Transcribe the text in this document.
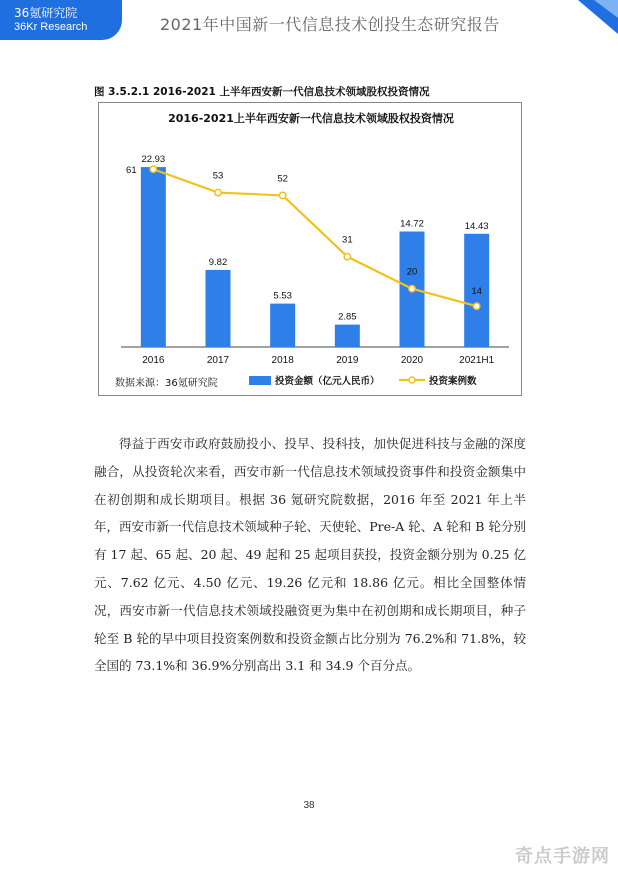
36氪研究院
36Kr Research	2021年中国新一代信息技术创投生态研究报告
图 3.5.2.1 2016-2021 上半年西安新一代信息技术领域股权投资情况
2016-2021上半年西安新一代信息技术领域股权投资情况
22.93
2016
9.82
2017
5.53
2018
2.85
2019
14.72
2020
14.43
2021H1
61	53	52
31
20
14
数据来源：36氪研究院	投资金额（亿元人民币）	投资案例数

得益于西安市政府鼓励投小、投早、投科技，加快促进科技与金融的深度融合，从投资轮次来看，西安市新一代信息技术领域投资事件和投资金额集中在初创期和成长期项目。根据 36 氪研究院数据，2016 年至 2021 年上半年，西安市新一代信息技术领域种子轮、天使轮、Pre-A 轮、A 轮和 B 轮分别有 17 起、65 起、20 起、49 起和 25 起项目获投，投资金额分别为 0.25 亿元、7.62 亿元、4.50 亿元、19.26 亿元和 18.86 亿元。相比全国整体情况，西安市新一代信息技术领域投融资更为集中在初创期和成长期项目，种子轮至 B 轮的早中项目投资案例数和投资金额占比分别为 76.2%和 71.8%，较全国的 73.1%和 36.9%分别高出 3.1 和 34.9 个百分点。

38
奇点手游网
